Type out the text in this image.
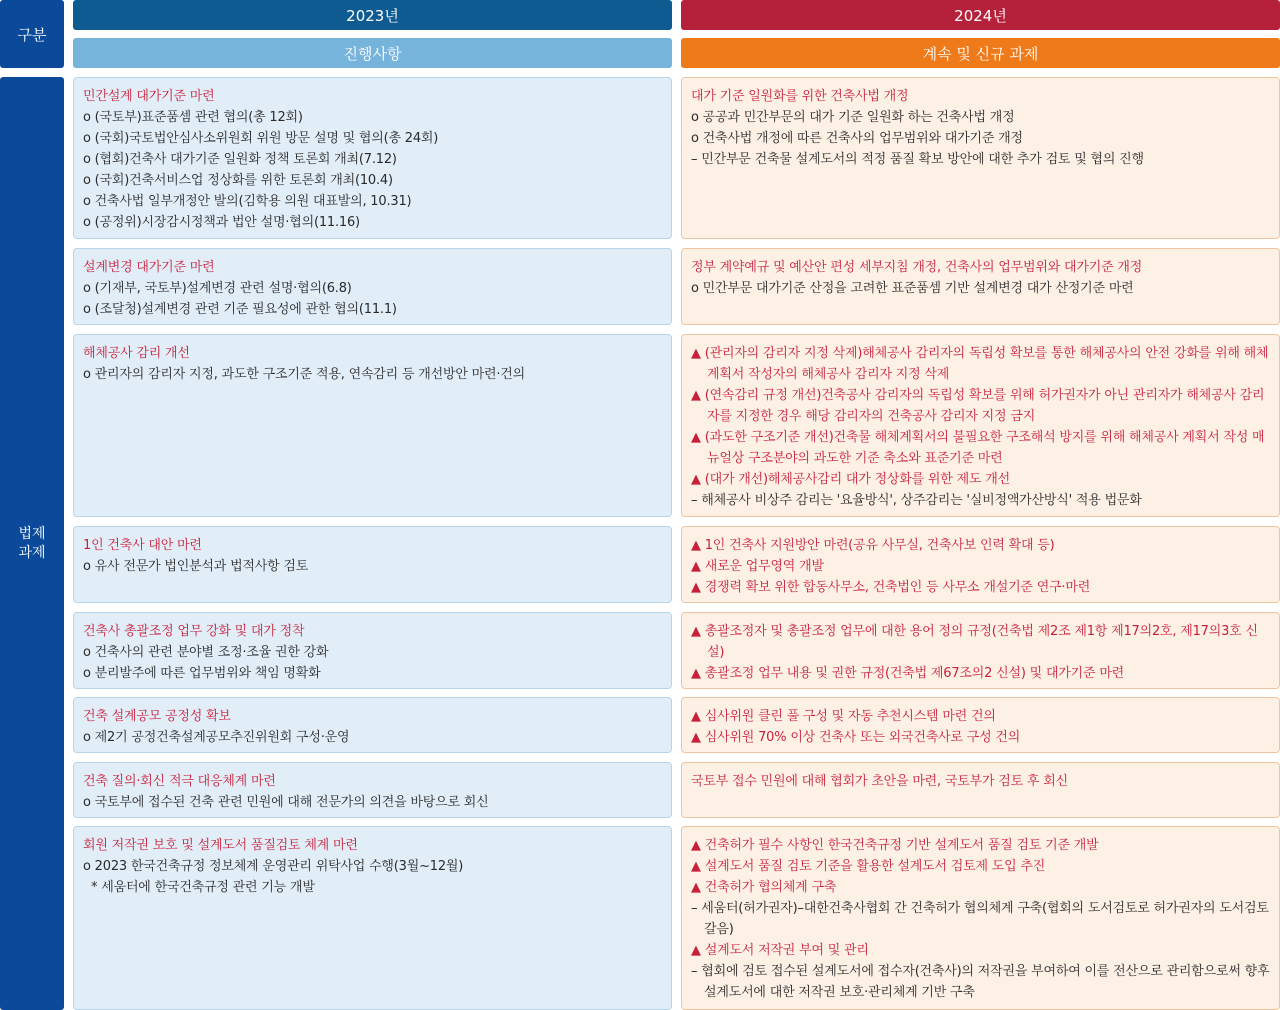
구분
2023년	2024년
진행사항	계속 및 신규 과제
법제
과제
민간설계 대가기준 마련
o (국토부)표준품셈 관련 협의(총 12회)
o (국회)국토법안심사소위원회 위원 방문 설명 및 협의(총 24회)
o (협회)건축사 대가기준 일원화 정책 토론회 개최(7.12)
o (국회)건축서비스업 정상화를 위한 토론회 개최(10.4)
o 건축사법 일부개정안 발의(김학용 의원 대표발의, 10.31)
o (공정위)시장감시정책과 법안 설명·협의(11.16)
대가 기준 일원화를 위한 건축사법 개정
o 공공과 민간부문의 대가 기준 일원화 하는 건축사법 개정
o 건축사법 개정에 따른 건축사의 업무범위와 대가기준 개정
– 민간부문 건축물 설계도서의 적정 품질 확보 방안에 대한 추가 검토 및 협의 진행
설계변경 대가기준 마련
o (기재부, 국토부)설계변경 관련 설명·협의(6.8)
o (조달청)설계변경 관련 기준 필요성에 관한 협의(11.1)
정부 계약예규 및 예산안 편성 세부지침 개정, 건축사의 업무범위와 대가기준 개정
o 민간부문 대가기준 산정을 고려한 표준품셈 기반 설계변경 대가 산정기준 마련
해체공사 감리 개선
o 관리자의 감리자 지정, 과도한 구조기준 적용, 연속감리 등 개선방안 마련·건의
▲ (관리자의 감리자 지정 삭제)해체공사 감리자의 독립성 확보를 통한 해체공사의 안전 강화를 위해 해체계획서 작성자의 해체공사 감리자 지정 삭제
▲ (연속감리 규정 개선)건축공사 감리자의 독립성 확보를 위해 허가권자가 아닌 관리자가 해체공사 감리자를 지정한 경우 해당 감리자의 건축공사 감리자 지정 금지
▲ (과도한 구조기준 개선)건축물 해체계획서의 불필요한 구조해석 방지를 위해 해체공사 계획서 작성 매뉴얼상 구조분야의 과도한 기준 축소와 표준기준 마련
▲ (대가 개선)해체공사감리 대가 정상화를 위한 제도 개선
– 해체공사 비상주 감리는 '요율방식', 상주감리는 '실비정액가산방식' 적용 법문화
1인 건축사 대안 마련
o 유사 전문가 법인분석과 법적사항 검토
▲ 1인 건축사 지원방안 마련(공유 사무실, 건축사보 인력 확대 등)
▲ 새로운 업무영역 개발
▲ 경쟁력 확보 위한 합동사무소, 건축법인 등 사무소 개설기준 연구·마련
건축사 총괄조정 업무 강화 및 대가 정착
o 건축사의 관련 분야별 조정·조율 권한 강화
o 분리발주에 따른 업무범위와 책임 명확화
▲ 총괄조정자 및 총괄조정 업무에 대한 용어 정의 규정(건축법 제2조 제1항 제17의2호, 제17의3호 신설)
▲ 총괄조정 업무 내용 및 권한 규정(건축법 제67조의2 신설) 및 대가기준 마련
건축 설계공모 공정성 확보
o 제2기 공정건축설계공모추진위원회 구성·운영
▲ 심사위원 클린 풀 구성 및 자동 추천시스템 마련 건의
▲ 심사위원 70% 이상 건축사 또는 외국건축사로 구성 건의
건축 질의·회신 적극 대응체계 마련
o 국토부에 접수된 건축 관련 민원에 대해 전문가의 의견을 바탕으로 회신
국토부 접수 민원에 대해 협회가 초안을 마련, 국토부가 검토 후 회신
회원 저작권 보호 및 설계도서 품질검토 체계 마련
o 2023 한국건축규정 정보체계 운영관리 위탁사업 수행(3월~12월)
* 세움터에 한국건축규정 관련 기능 개발
▲ 건축허가 필수 사항인 한국건축규정 기반 설계도서 품질 검토 기준 개발
▲ 설계도서 품질 검토 기준을 활용한 설계도서 검토제 도입 추진
▲ 건축허가 협의체계 구축
– 세움터(허가권자)–대한건축사협회 간 건축허가 협의체계 구축(협회의 도서검토로 허가권자의 도서검토 갈음)
▲ 설계도서 저작권 부여 및 관리
– 협회에 검토 접수된 설계도서에 접수자(건축사)의 저작권을 부여하여 이를 전산으로 관리함으로써 향후 설계도서에 대한 저작권 보호·관리체계 기반 구축
